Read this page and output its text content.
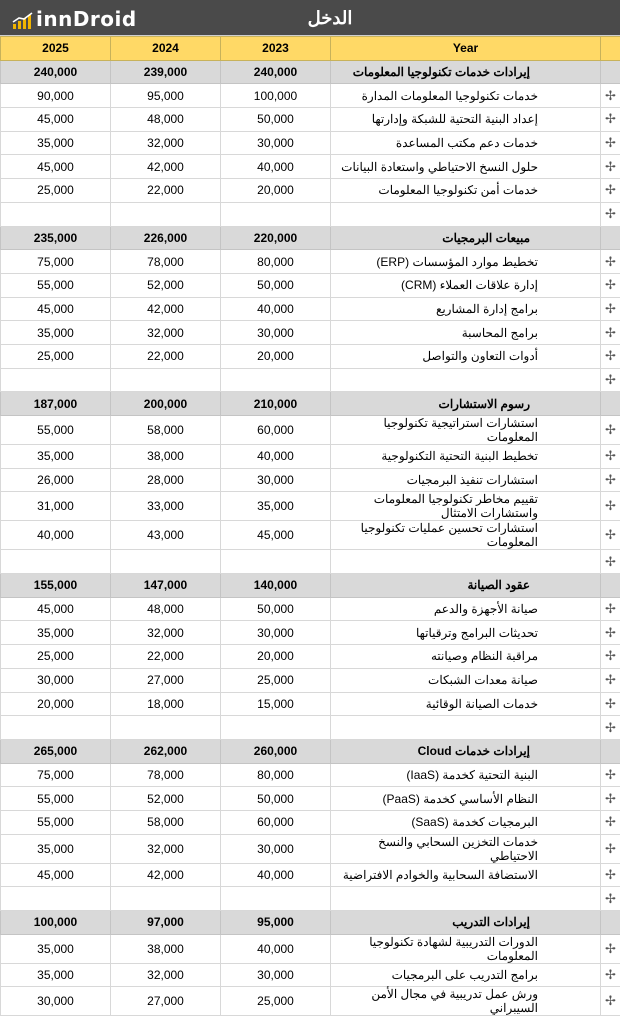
innDroid	الدخل
2025	2024	2023	Year	
240,000	239,000	240,000	إيرادات خدمات تكنولوجيا المعلومات	
90,000	95,000	100,000	خدمات تكنولوجيا المعلومات المدارة	✢
45,000	48,000	50,000	إعداد البنية التحتية للشبكة وإدارتها	✢
35,000	32,000	30,000	خدمات دعم مكتب المساعدة	✢
45,000	42,000	40,000	حلول النسخ الاحتياطي واستعادة البيانات	✢
25,000	22,000	20,000	خدمات أمن تكنولوجيا المعلومات	✢
				✢
235,000	226,000	220,000	مبيعات البرمجيات	
75,000	78,000	80,000	تخطيط موارد المؤسسات (ERP)	✢
55,000	52,000	50,000	إدارة علاقات العملاء (CRM)	✢
45,000	42,000	40,000	برامج إدارة المشاريع	✢
35,000	32,000	30,000	برامج المحاسبة	✢
25,000	22,000	20,000	أدوات التعاون والتواصل	✢
				✢
187,000	200,000	210,000	رسوم الاستشارات	
55,000	58,000	60,000	استشارات استراتيجية تكنولوجيا المعلومات	✢
35,000	38,000	40,000	تخطيط البنية التحتية التكنولوجية	✢
26,000	28,000	30,000	استشارات تنفيذ البرمجيات	✢
31,000	33,000	35,000	تقييم مخاطر تكنولوجيا المعلومات واستشارات الامتثال	✢
40,000	43,000	45,000	استشارات تحسين عمليات تكنولوجيا المعلومات	✢
				✢
155,000	147,000	140,000	عقود الصيانة	
45,000	48,000	50,000	صيانة الأجهزة والدعم	✢
35,000	32,000	30,000	تحديثات البرامج وترقياتها	✢
25,000	22,000	20,000	مراقبة النظام وصيانته	✢
30,000	27,000	25,000	صيانة معدات الشبكات	✢
20,000	18,000	15,000	خدمات الصيانة الوقائية	✢
				✢
265,000	262,000	260,000	إيرادات خدمات Cloud	
75,000	78,000	80,000	البنية التحتية كخدمة (IaaS)	✢
55,000	52,000	50,000	النظام الأساسي كخدمة (PaaS)	✢
55,000	58,000	60,000	البرمجيات كخدمة (SaaS)	✢
35,000	32,000	30,000	خدمات التخزين السحابي والنسخ الاحتياطي	✢
45,000	42,000	40,000	الاستضافة السحابية والخوادم الافتراضية	✢
				✢
100,000	97,000	95,000	إيرادات التدريب	
35,000	38,000	40,000	الدورات التدريبية لشهادة تكنولوجيا المعلومات	✢
35,000	32,000	30,000	برامج التدريب على البرمجيات	✢
30,000	27,000	25,000	ورش عمل تدريبية في مجال الأمن السيبراني	✢
